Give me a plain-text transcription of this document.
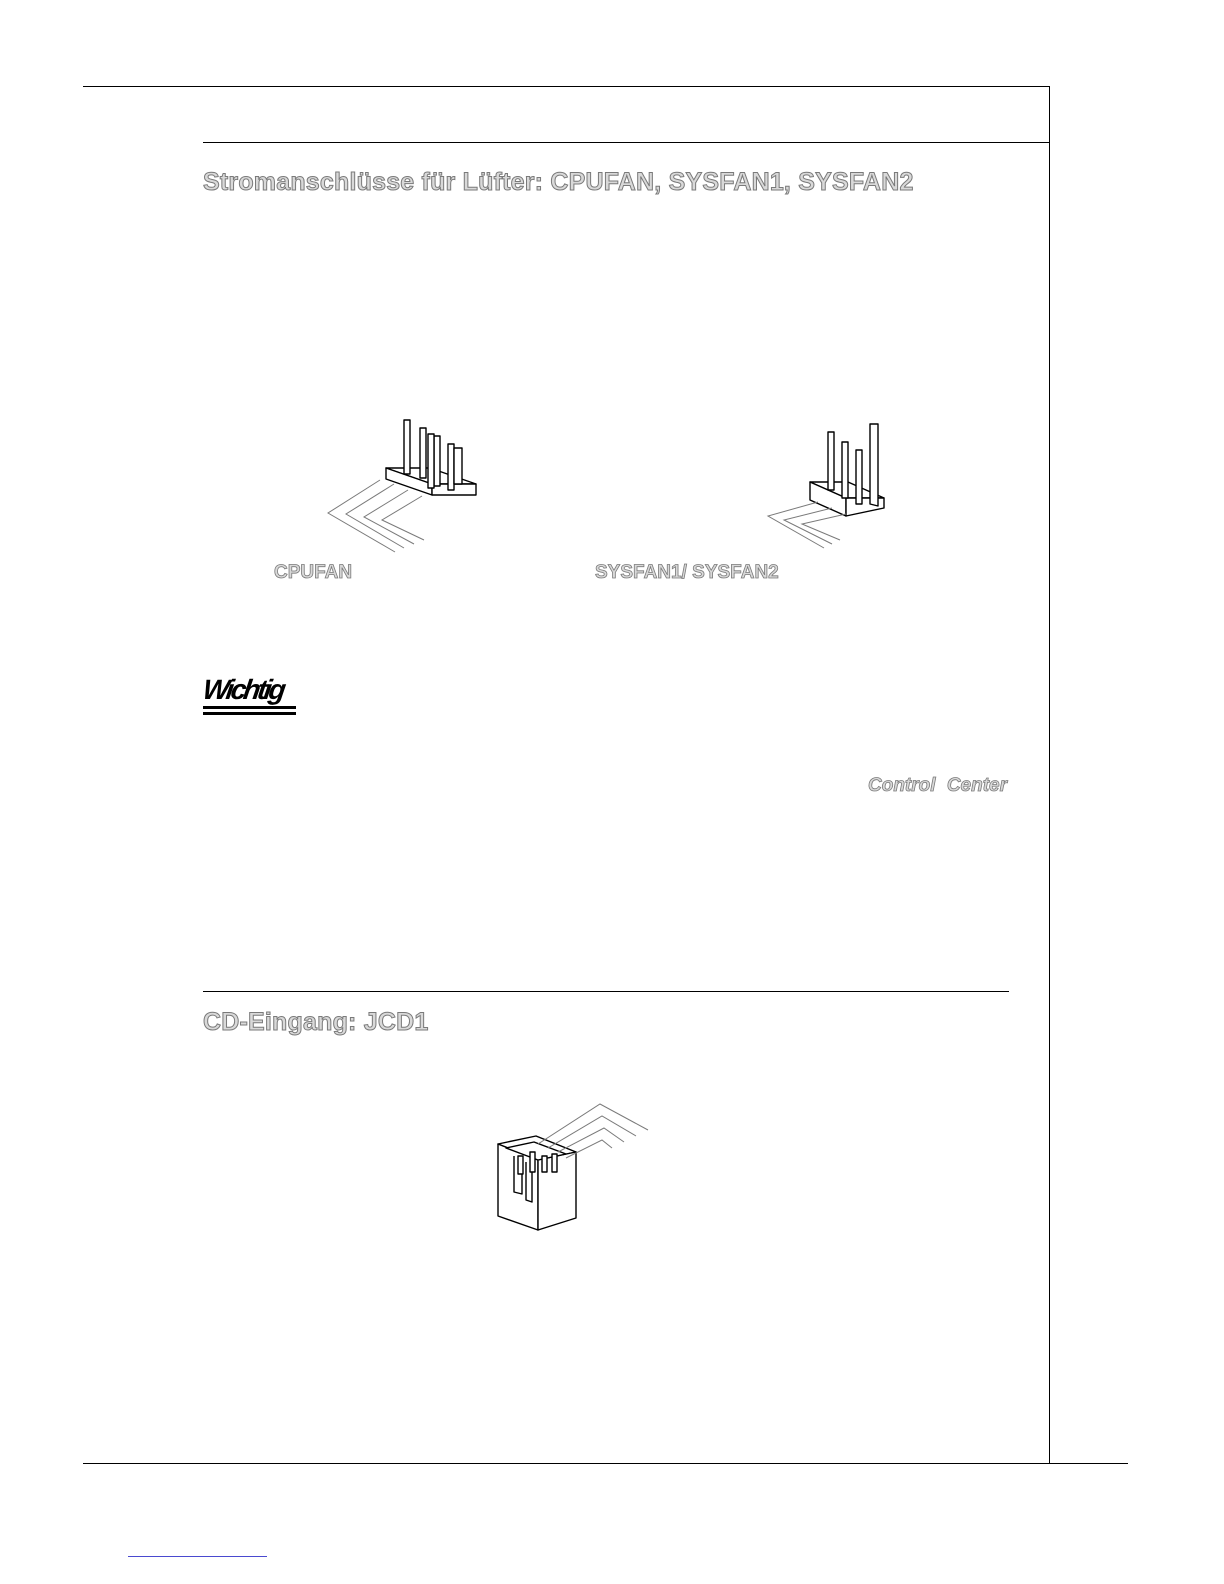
Stromanschlüsse für Lüfter: CPUFAN, SYSFAN1, SYSFAN2
CPUFAN	SYSFAN1/ SYSFAN2
Wichtig
Control Center
CD-Eingang: JCD1
